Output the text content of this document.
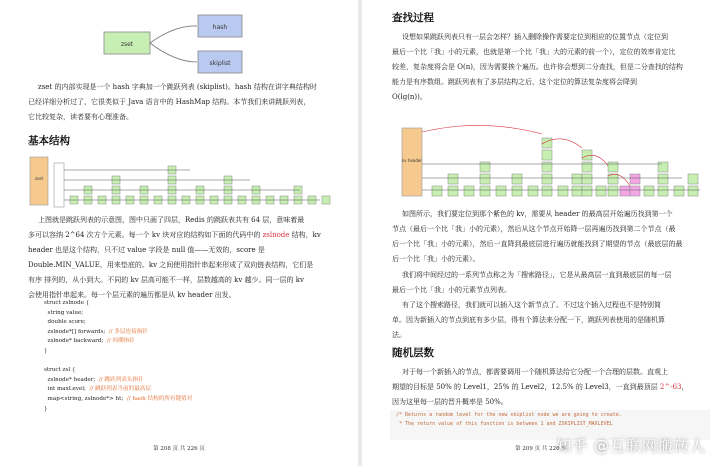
zset
hash
skiplist

zset 的内部实现是一个 hash 字典加一个跳跃列表 (skiplist)。hash 结构在讲字典结构时

已经详细分析过了，它很类似于 Java 语言中的 HashMap 结构。本节我们来讲跳跃列表，

它比较复杂，读者要有心理准备。

基本结构
zset

上图就是跳跃列表的示意图，图中只画了四层，Redis 的跳跃表共有 64 层，意味着最

多可以容纳 2^64 次方个元素。每一个 kv 块对应的结构如下面的代码中的 zslnode 结构，kv

header 也是这个结构，只不过 value 字段是 null 值——无效的，score 是

Double.MIN_VALUE，用来垫底的。kv 之间使用指针串起来形成了双向链表结构，它们是

有序 排列的，从小到大。不同的 kv 层高可能不一样，层数越高的 kv 越少。同一层的 kv

会使用指针串起来。每一个层元素的遍历都是从 kv header 出发。

struct zslnode {
string value;
double score;
zslnode*[] forwards;  // 多层连接指针
zslnode* backward;  // 回溯指针
}
struct zsl {
zslnode* header;  // 跳跃列表头指针
int maxLevel;  // 跳跃列表当前的最高层
map<string, zslnode*> ht;  // hash 结构的所有键值对
}
第 208 页 共 226 页
查找过程

设想如果跳跃列表只有一层会怎样？插入删除操作需要定位到相应的位置节点（定位到

最后一个比「我」小的元素，也就是第一个比「我」大的元素的前一个），定位的效率肯定比

较差，复杂度将会是 O(n)，因为需要挨个遍历。也许你会想到二分查找，但是二分查找的结构

能力是有序数组。跳跃列表有了多层结构之后，这个定位的算法复杂度将会降到

O(lg(n))。

kv header

如图所示，我们要定位到那个紫色的 kv，需要从 header 的最高层开始遍历找到第一个

节点（最后一个比「我」小的元素），然后从这个节点开始降一层再遍历找到第二个节点（最

后一个比「我」小的元素），然后一直降到最底层进行遍历就能找到了期望的节点（最底层的最

后一个比「我」小的元素）。

我们将中间经过的一系列节点称之为「搜索路径」，它是从最高层一直到最底层的每一层

最后一个比「我」小的元素节点列表。

有了这个搜索路径，我们就可以插入这个新节点了。不过这个插入过程也不是特别简

单。因为新插入的节点到底有多少层，得有个算法来分配一下，跳跃列表使用的是随机算

法。

随机层数

对于每一个新插入的节点，都需要调用一个随机算法给它分配一个合理的层数。直观上

期望的目标是 50% 的 Level1，25% 的 Level2，12.5% 的 Level3，一直到最顶层 2^-63，

因为这里每一层的晋升概率是 50%。

/* Returns a random level for the new skiplist node we are going to create.
* The return value of this function is between 1 and ZSKIPLIST_MAXLEVEL
第 209 页 共 226 页
知乎 @互联网搬砖人
